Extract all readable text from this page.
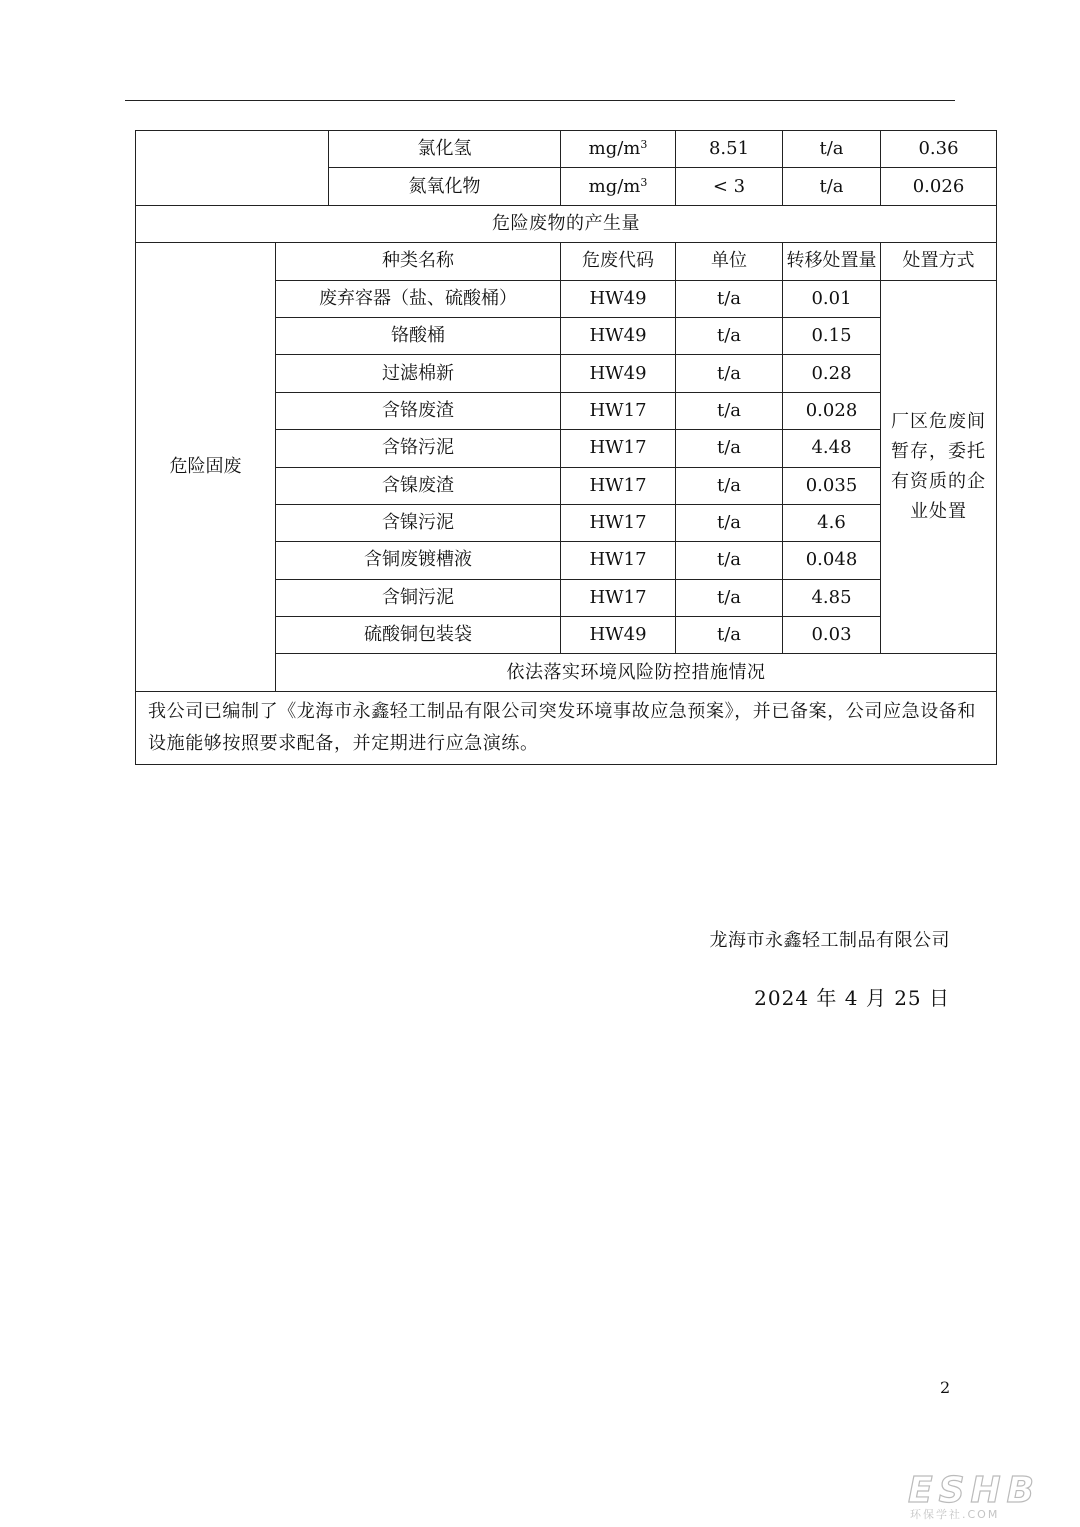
		氯化氢	$mg/m^3$	8.51	t/a	0.36
		氮氧化物	$mg/m^3$	< 3	t/a	0.026
危险废物的产生量						
危险固废	种类名称		危废代码	单位	转移处置量	处置方式
	废弃容器（盐、硫酸桶）		HW49	t/a	0.01	厂区危废间暂存，委托有资质的企业处置
	铬酸桶		HW49	t/a	0.15	
	过滤棉新		HW49	t/a	0.28	
	含铬废渣		HW17	t/a	0.028	
	含铬污泥		HW17	t/a	4.48	
	含镍废渣		HW17	t/a	0.035	
	含镍污泥		HW17	t/a	4.6	
	含铜废镀槽液		HW17	t/a	0.048	
	含铜污泥		HW17	t/a	4.85	
	硫酸铜包装袋		HW49	t/a	0.03	
	依法落实环境风险防控措施情况					
我公司已编制了《龙海市永鑫轻工制品有限公司突发环境事故应急预案》，并已备案，公司应急设备和设施能够按照要求配备，并定期进行应急演练。						
龙海市永鑫轻工制品有限公司
2024 年 4 月 25 日
2
ESHB
环保学社.COM
